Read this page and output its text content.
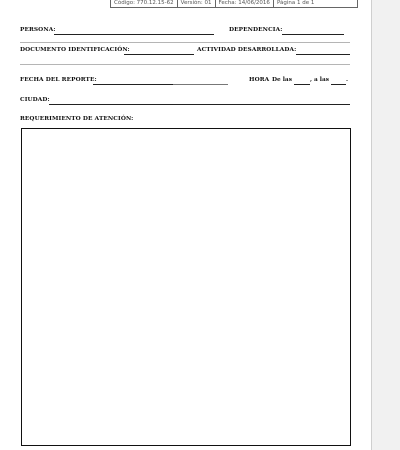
Código: 770.12.15-62	Versión: 01	Fecha: 14/06/2016	Página 1 de 1
PERSONA:	DEPENDENCIA:
DOCUMENTO IDENTIFICACIÓN:	ACTIVIDAD DESARROLLADA:
FECHA DEL REPORTE:	HORA De las	, a las	.
CIUDAD:
REQUERIMIENTO DE ATENCIÓN:
